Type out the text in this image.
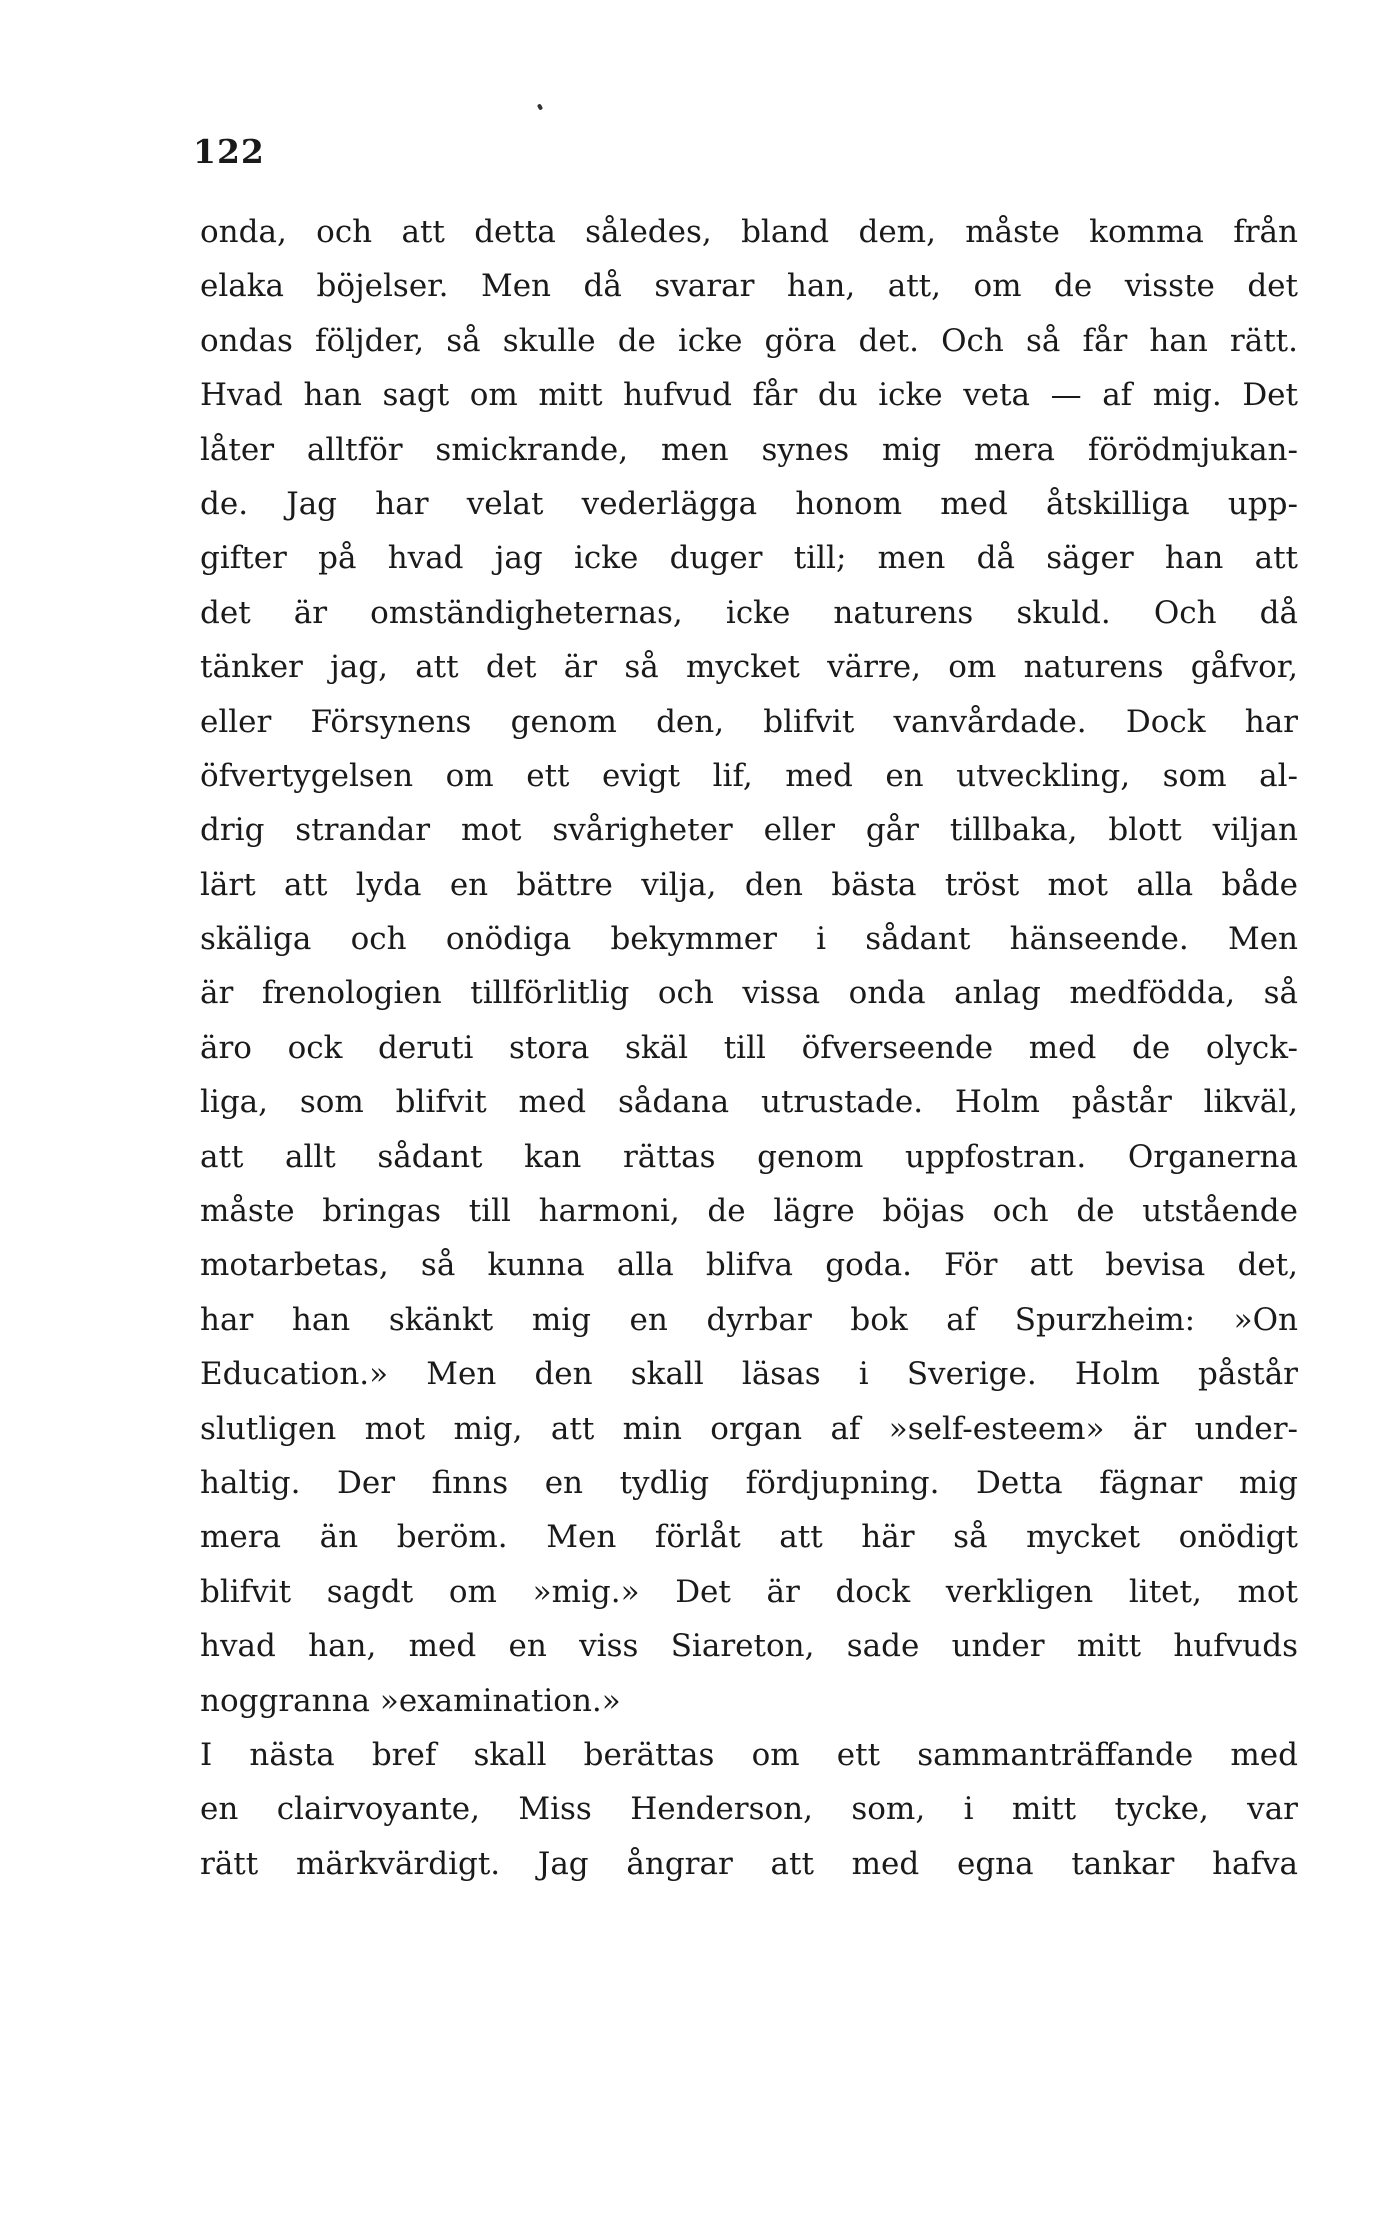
122
onda, och att detta således, bland dem, måste komma från
elaka böjelser. Men då svarar han, att, om de visste det
ondas följder, så skulle de icke göra det. Och så får han rätt.
Hvad han sagt om mitt hufvud får du icke veta — af mig. Det
låter alltför smickrande, men synes mig mera förödmjukan-
de. Jag har velat vederlägga honom med åtskilliga upp-
gifter på hvad jag icke duger till; men då säger han att
det är omständigheternas, icke naturens skuld. Och då
tänker jag, att det är så mycket värre, om naturens gåfvor,
eller Försynens genom den, blifvit vanvårdade. Dock har
öfvertygelsen om ett evigt lif, med en utveckling, som al-
drig strandar mot svårigheter eller går tillbaka, blott viljan
lärt att lyda en bättre vilja, den bästa tröst mot alla både
skäliga och onödiga bekymmer i sådant hänseende. Men
är frenologien tillförlitlig och vissa onda anlag medfödda, så
äro ock deruti stora skäl till öfverseende med de olyck-
liga, som blifvit med sådana utrustade. Holm påstår likväl,
att allt sådant kan rättas genom uppfostran. Organerna
måste bringas till harmoni, de lägre böjas och de utstående
motarbetas, så kunna alla blifva goda. För att bevisa det,
har han skänkt mig en dyrbar bok af Spurzheim: »On
Education.» Men den skall läsas i Sverige. Holm påstår
slutligen mot mig, att min organ af »self-esteem» är under-
haltig. Der finns en tydlig fördjupning. Detta fägnar mig
mera än beröm. Men förlåt att här så mycket onödigt
blifvit sagdt om »mig.» Det är dock verkligen litet, mot
hvad han, med en viss Siareton, sade under mitt hufvuds
noggranna »examination.»
I nästa bref skall berättas om ett sammanträffande med
en clairvoyante, Miss Henderson, som, i mitt tycke, var
rätt märkvärdigt. Jag ångrar att med egna tankar hafva
